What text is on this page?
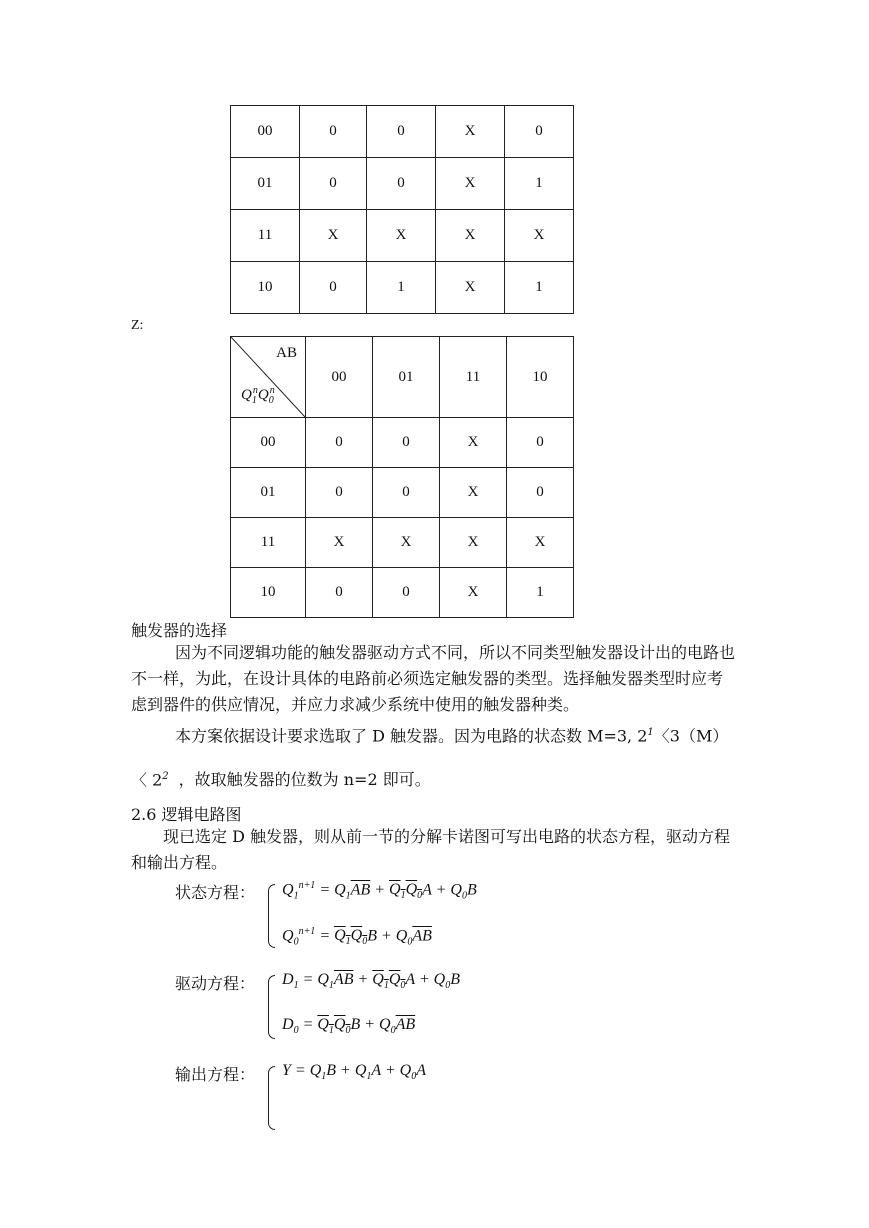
00	0	0	X	0
01	0	0	X	1
11	X	X	X	X
10	0	1	X	1
Z:
AB
$Q_1^nQ_0^n$	00	01	11	10
00	0	0	X	0
01	0	0	X	0
11	X	X	X	X
10	0	0	X	1
触发器的选择
因为不同逻辑功能的触发器驱动方式不同，所以不同类型触发器设计出的电路也不一样，为此，在设计具体的电路前必须选定触发器的类型。选择触发器类型时应考虑到器件的供应情况，并应力求减少系统中使用的触发器种类。
本方案依据设计要求选取了 D 触发器。因为电路的状态数 M=3, $2^1$〈3（M）
〈 $2^2$ ，故取触发器的位数为 n=2 即可。
2.6 逻辑电路图
现已选定 D 触发器，则从前一节的分解卡诺图可写出电路的状态方程，驱动方程和输出方程。
状态方程： $Q_1^{n+1} = Q_1\overline{AB} + Q_1Q_0A + Q_0B$
$Q_0^{n+1} = Q_1Q_0B + Q_0\overline{AB}$
驱动方程： $D_1 = Q_1\overline{AB} + Q_1Q_0A + Q_0B$
$D_0 = Q_1Q_0B + Q_0\overline{AB}$
输出方程： $Y = Q_1B + Q_1A + Q_0A$
